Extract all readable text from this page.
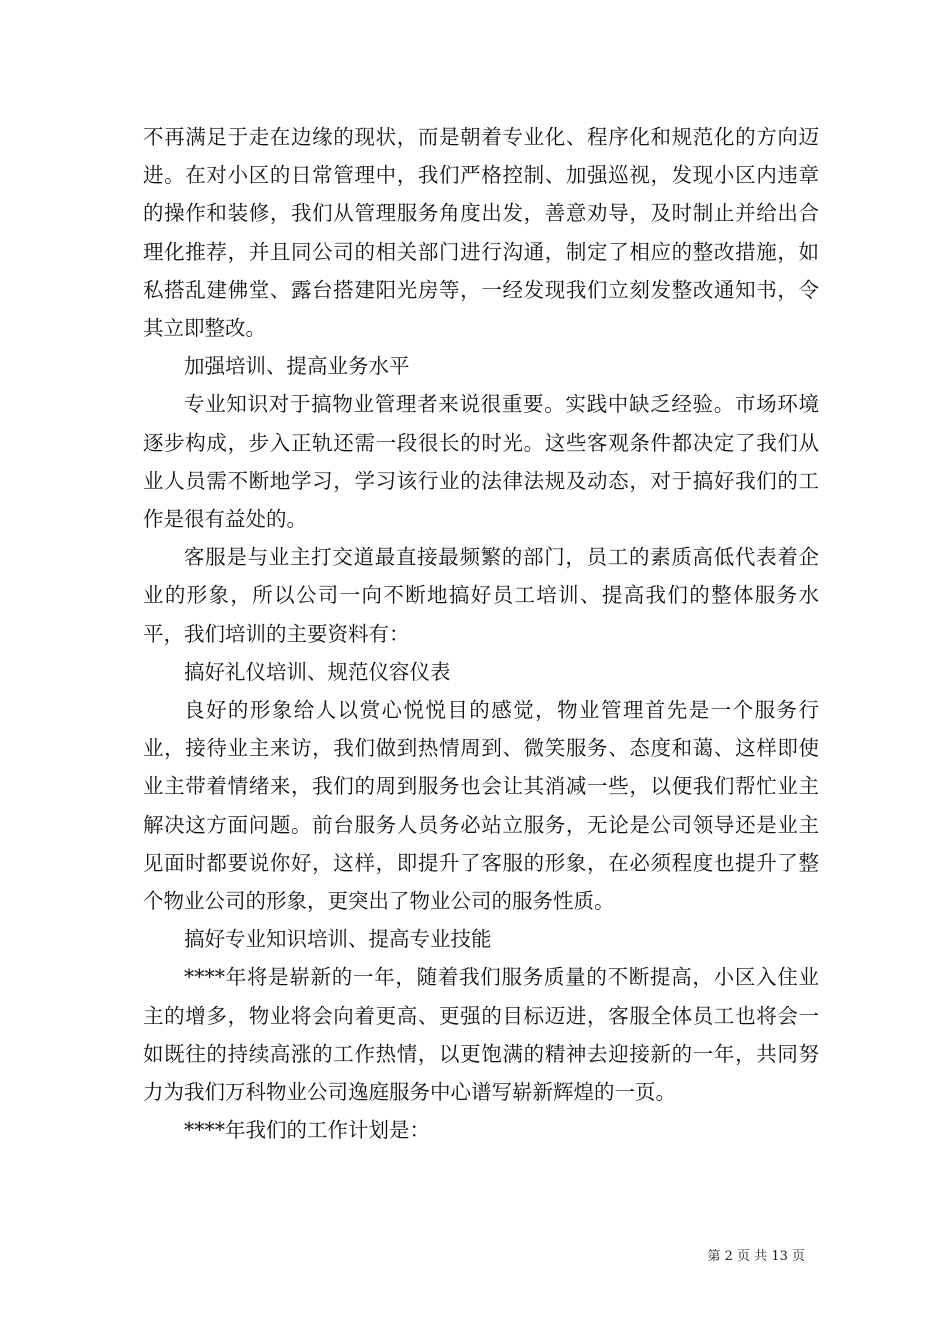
不再满足于走在边缘的现状，而是朝着专业化、程序化和规范化的方向迈进。在对小区的日常管理中，我们严格控制、加强巡视，发现小区内违章的操作和装修，我们从管理服务角度出发，善意劝导，及时制止并给出合理化推荐，并且同公司的相关部门进行沟通，制定了相应的整改措施，如私搭乱建佛堂、露台搭建阳光房等，一经发现我们立刻发整改通知书，令其立即整改。

加强培训、提高业务水平

专业知识对于搞物业管理者来说很重要。实践中缺乏经验。市场环境逐步构成，步入正轨还需一段很长的时光。这些客观条件都决定了我们从业人员需不断地学习，学习该行业的法律法规及动态，对于搞好我们的工作是很有益处的。

客服是与业主打交道最直接最频繁的部门，员工的素质高低代表着企业的形象，所以公司一向不断地搞好员工培训、提高我们的整体服务水平，我们培训的主要资料有：

搞好礼仪培训、规范仪容仪表

良好的形象给人以赏心悦悦目的感觉，物业管理首先是一个服务行业，接待业主来访，我们做到热情周到、微笑服务、态度和蔼、这样即使业主带着情绪来，我们的周到服务也会让其消减一些，以便我们帮忙业主解决这方面问题。前台服务人员务必站立服务，无论是公司领导还是业主见面时都要说你好，这样，即提升了客服的形象，在必须程度也提升了整个物业公司的形象，更突出了物业公司的服务性质。

搞好专业知识培训、提高专业技能

****年将是崭新的一年，随着我们服务质量的不断提高，小区入住业主的增多，物业将会向着更高、更强的目标迈进，客服全体员工也将会一如既往的持续高涨的工作热情，以更饱满的精神去迎接新的一年，共同努力为我们万科物业公司逸庭服务中心谱写崭新辉煌的一页。

****年我们的工作计划是：

第 2 页 共 13 页
